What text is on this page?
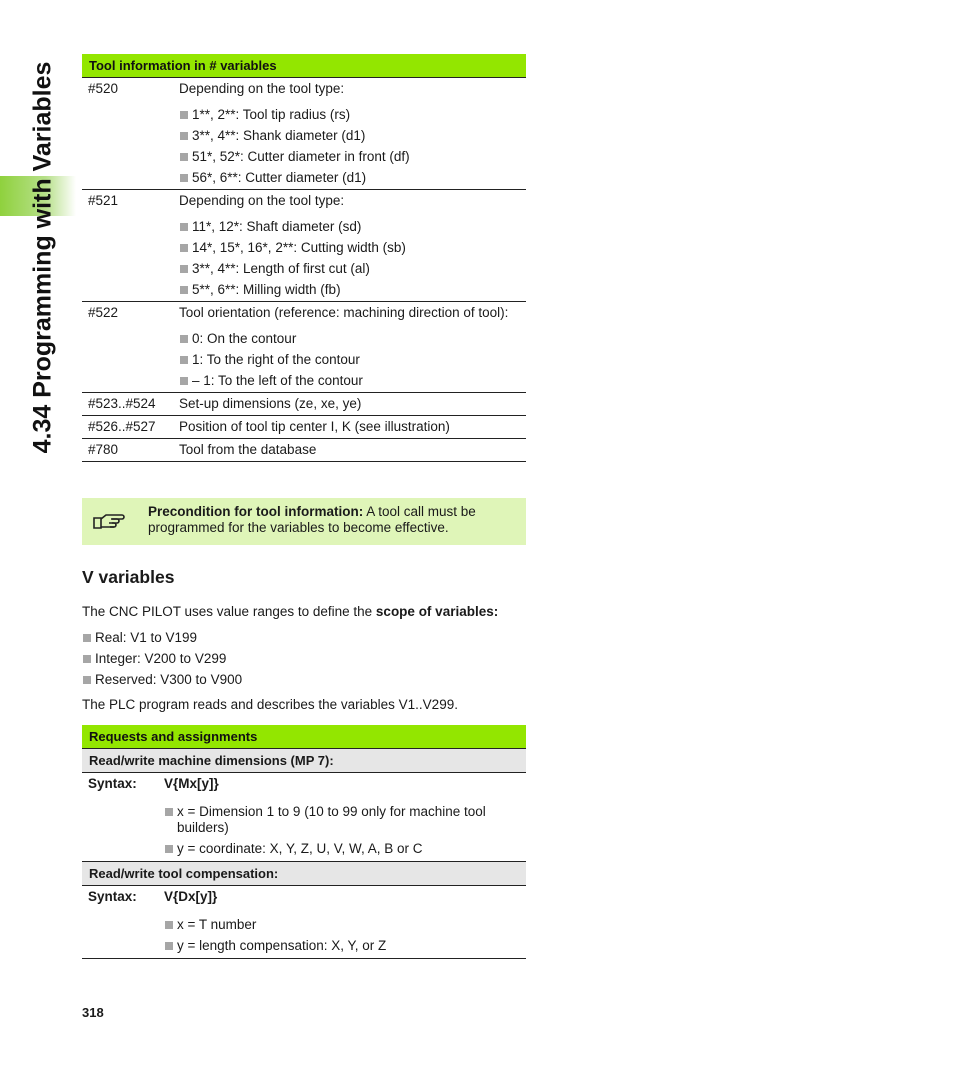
4.34 Programming with Variables	Tool information in # variables
#520	Depending on the tool type:
1**, 2**: Tool tip radius (rs)
3**, 4**: Shank diameter (d1)
51*, 52*: Cutter diameter in front (df)
56*, 6**: Cutter diameter (d1)
#521	Depending on the tool type:
11*, 12*: Shaft diameter (sd)
14*, 15*, 16*, 2**: Cutting width (sb)
3**, 4**: Length of first cut (al)
5**, 6**: Milling width (fb)
#522	Tool orientation (reference: machining direction of tool):
0: On the contour
1: To the right of the contour
– 1: To the left of the contour
#523..#524 Set-up dimensions (ze, xe, ye)
#526..#527 Position of tool tip center I, K (see illustration)
#780	Tool from the database
Precondition for tool information: A tool call must be programmed for the variables to become effective.
V variables
The CNC PILOT uses value ranges to define the scope of variables:
Real: V1 to V199
Integer: V200 to V299
Reserved: V300 to V900
The PLC program reads and describes the variables V1..V299.
Requests and assignments
Read/write machine dimensions (MP 7):
Syntax: V{Mx[y]}
x = Dimension 1 to 9 (10 to 99 only for machine tool builders)
y = coordinate: X, Y, Z, U, V, W, A, B or C
Read/write tool compensation:
Syntax: V{Dx[y]}
x = T number
y = length compensation: X, Y, or Z
318
